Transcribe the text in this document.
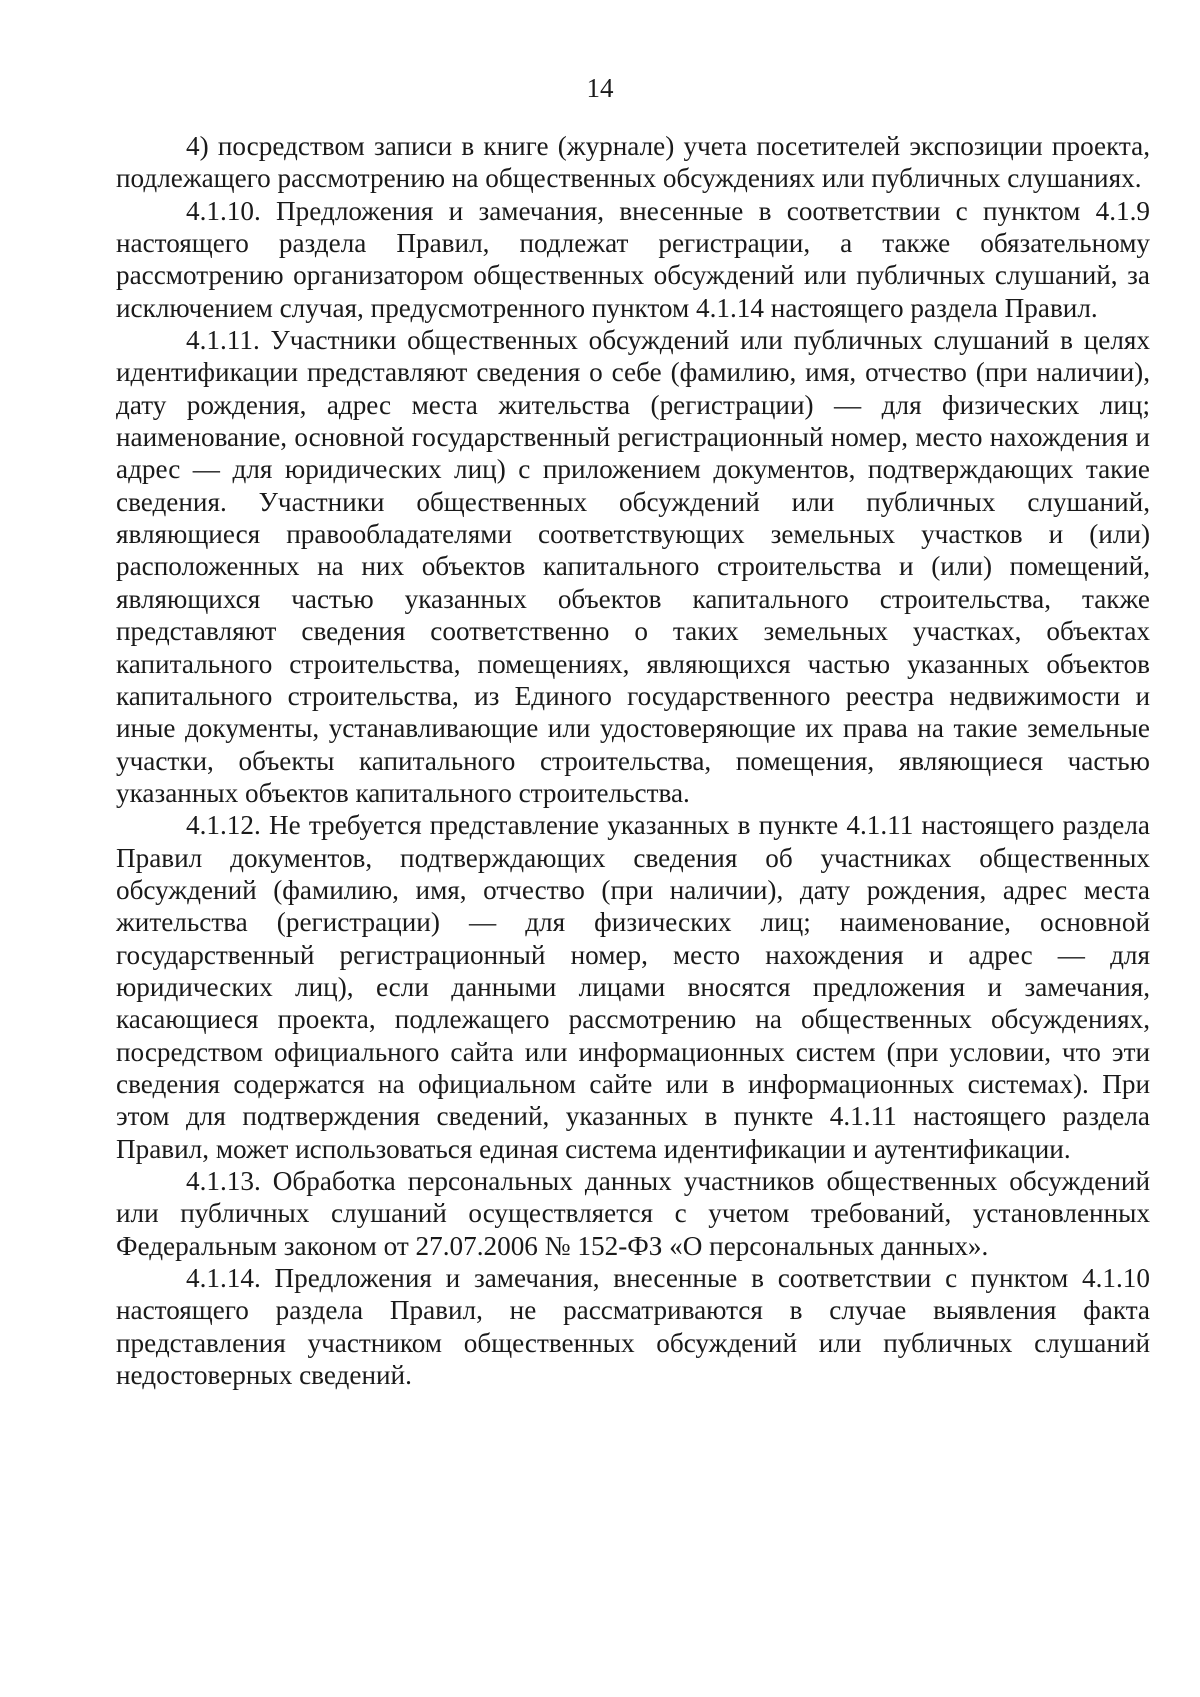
14

4) посредством записи в книге (журнале) учета посетителей экспозиции проекта, подлежащего рассмотрению на общественных обсуждениях или публичных слушаниях.

4.1.10. Предложения и замечания, внесенные в соответствии с пунктом 4.1.9 настоящего раздела Правил, подлежат регистрации, а также обязательному рассмотрению организатором общественных обсуждений или публичных слушаний, за исключением случая, предусмотренного пунктом 4.1.14 настоящего раздела Правил.

4.1.11. Участники общественных обсуждений или публичных слушаний в целях идентификации представляют сведения о себе (фамилию, имя, отчество (при наличии), дату рождения, адрес места жительства (регистрации) — для физических лиц; наименование, основной государственный регистрационный номер, место нахождения и адрес — для юридических лиц) с приложением документов, подтверждающих такие сведения. Участники общественных обсуждений или публичных слушаний, являющиеся правообладателями соответствующих земельных участков и (или) расположенных на них объектов капитального строительства и (или) помещений, являющихся частью указанных объектов капитального строительства, также представляют сведения соответственно о таких земельных участках, объектах капитального строительства, помещениях, являющихся частью указанных объектов капитального строительства, из Единого государственного реестра недвижимости и иные документы, устанавливающие или удостоверяющие их права на такие земельные участки, объекты капитального строительства, помещения, являющиеся частью указанных объектов капитального строительства.

4.1.12. Не требуется представление указанных в пункте 4.1.11 настоящего раздела Правил документов, подтверждающих сведения об участниках общественных обсуждений (фамилию, имя, отчество (при наличии), дату рождения, адрес места жительства (регистрации) — для физических лиц; наименование, основной государственный регистрационный номер, место нахождения и адрес — для юридических лиц), если данными лицами вносятся предложения и замечания, касающиеся проекта, подлежащего рассмотрению на общественных обсуждениях, посредством официального сайта или информационных систем (при условии, что эти сведения содержатся на официальном сайте или в информационных системах). При этом для подтверждения сведений, указанных в пункте 4.1.11 настоящего раздела Правил, может использоваться единая система идентификации и аутентификации.

4.1.13. Обработка персональных данных участников общественных обсуждений или публичных слушаний осуществляется с учетом требований, установленных Федеральным законом от 27.07.2006 № 152-ФЗ «О персональных данных».

4.1.14. Предложения и замечания, внесенные в соответствии с пунктом 4.1.10 настоящего раздела Правил, не рассматриваются в случае выявления факта представления участником общественных обсуждений или публичных слушаний недостоверных сведений.
